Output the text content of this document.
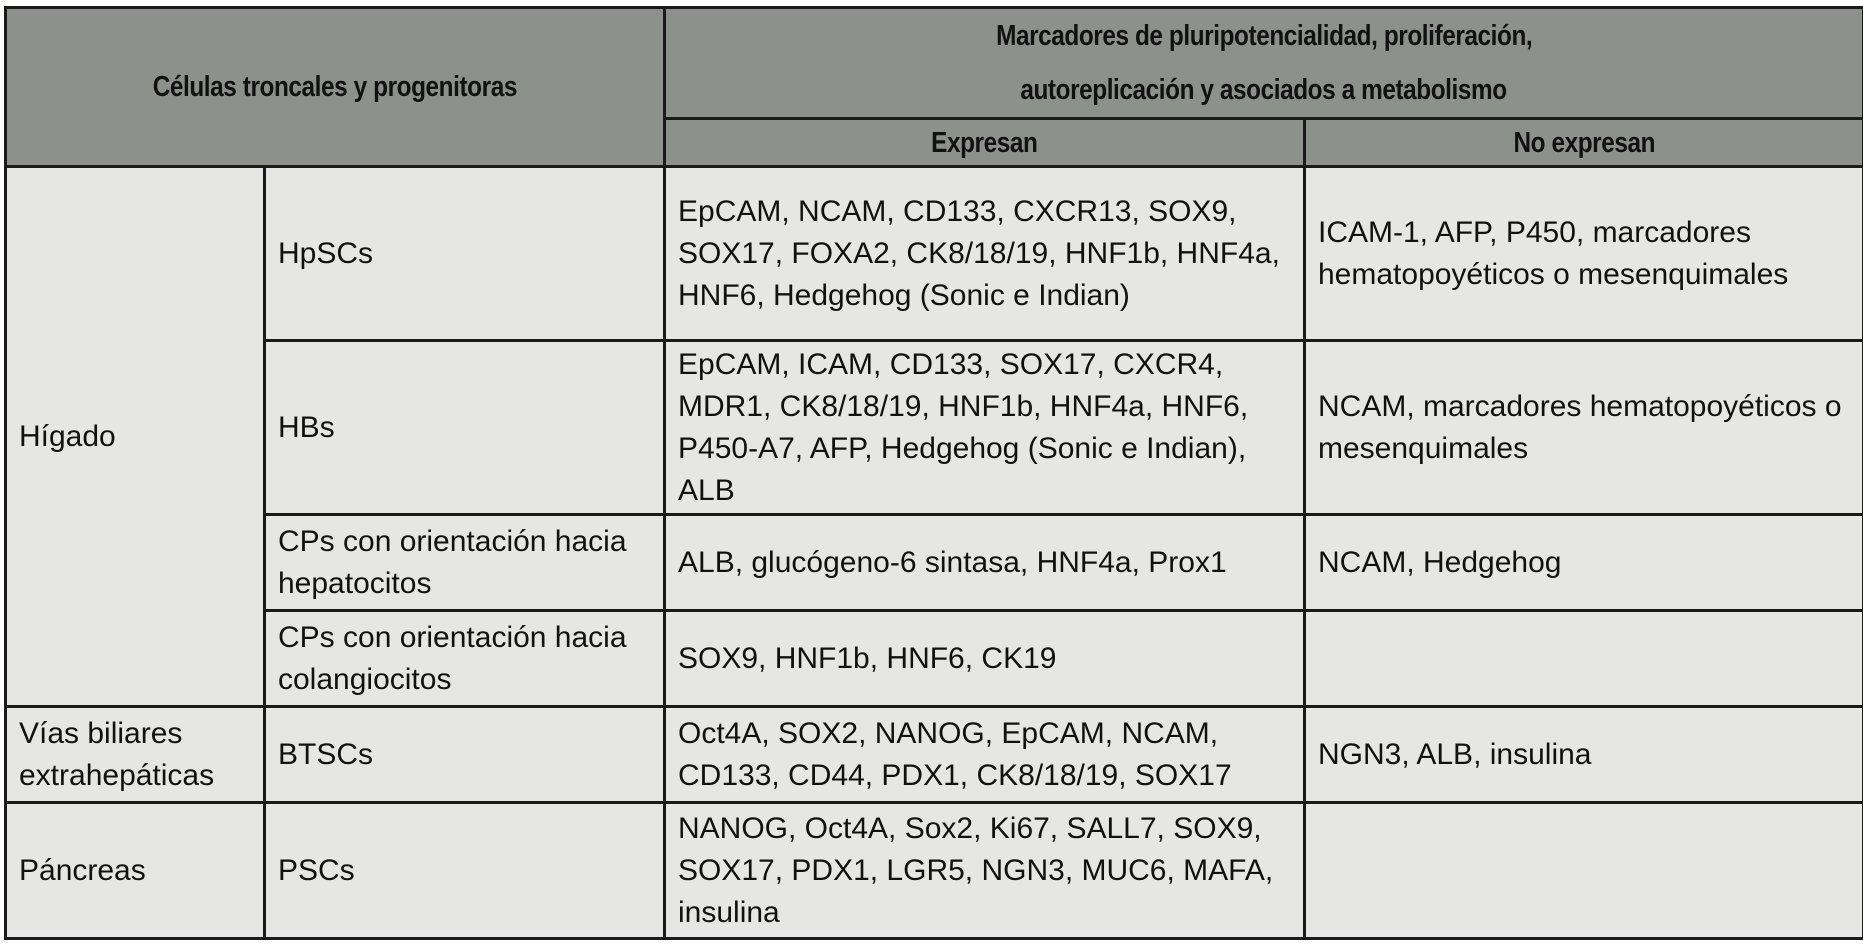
Células troncales y progenitoras		Marcadores de pluripotencialidad, proliferación,
autoreplicación y asociados a metabolismo	
		Expresan	No expresan
Hígado	HpSCs	EpCAM, NCAM, CD133, CXCR13, SOX9, SOX17, FOXA2, CK8/18/19, HNF1b, HNF4a, HNF6, Hedgehog (Sonic e Indian)	ICAM-1, AFP, P450, marcadores hematopoyéticos o mesenquimales
	HBs	EpCAM, ICAM, CD133, SOX17, CXCR4, MDR1, CK8/18/19, HNF1b, HNF4a, HNF6, P450-A7, AFP, Hedgehog (Sonic e Indian), ALB	NCAM, marcadores hematopoyéticos o mesenquimales
	CPs con orientación hacia hepatocitos	ALB, glucógeno-6 sintasa, HNF4a, Prox1	NCAM, Hedgehog
	CPs con orientación hacia colangiocitos	SOX9, HNF1b, HNF6, CK19	
Vías biliares extrahepáticas	BTSCs	Oct4A, SOX2, NANOG, EpCAM, NCAM, CD133, CD44, PDX1, CK8/18/19, SOX17	NGN3, ALB, insulina
Páncreas	PSCs	NANOG, Oct4A, Sox2, Ki67, SALL7, SOX9, SOX17, PDX1, LGR5, NGN3, MUC6, MAFA, insulina	
